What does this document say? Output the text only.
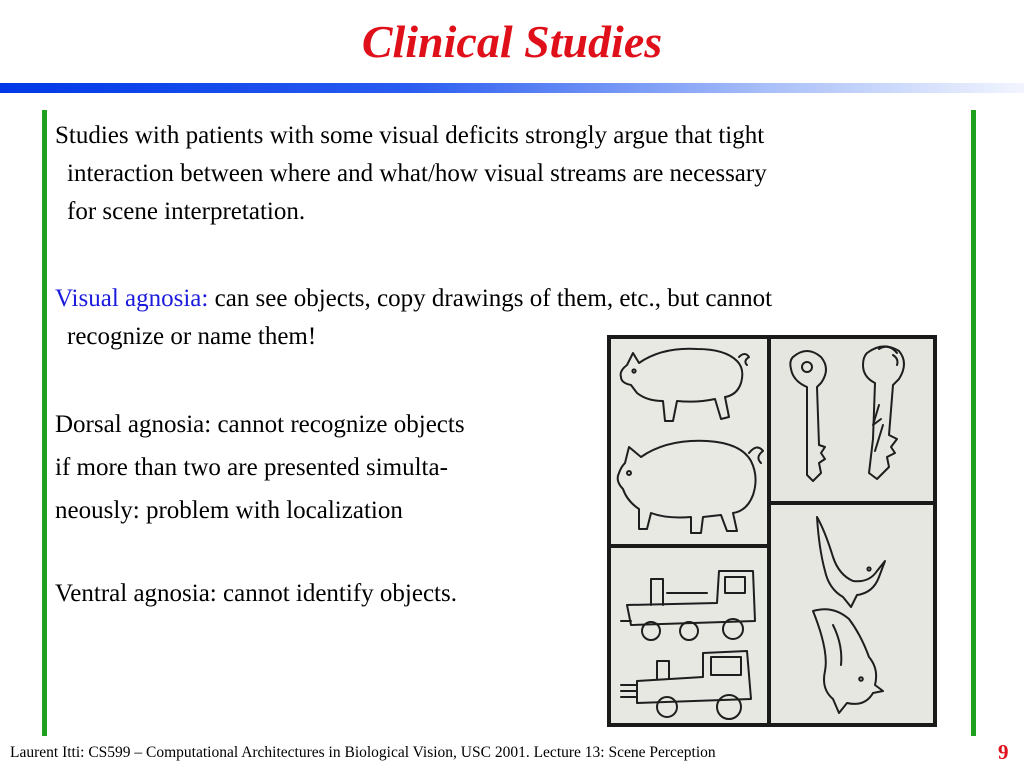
Clinical Studies
Studies with patients with some visual deficits strongly argue that tight
interaction between where and what/how visual streams are necessary
for scene interpretation.
Visual agnosia: can see objects, copy drawings of them, etc., but cannot
recognize or name them!
Dorsal agnosia: cannot recognize objects
if more than two are presented simulta-
neously: problem with localization
Ventral agnosia: cannot identify objects.
Laurent Itti: CS599 – Computational Architectures in Biological Vision, USC 2001. Lecture 13: Scene Perception	9
